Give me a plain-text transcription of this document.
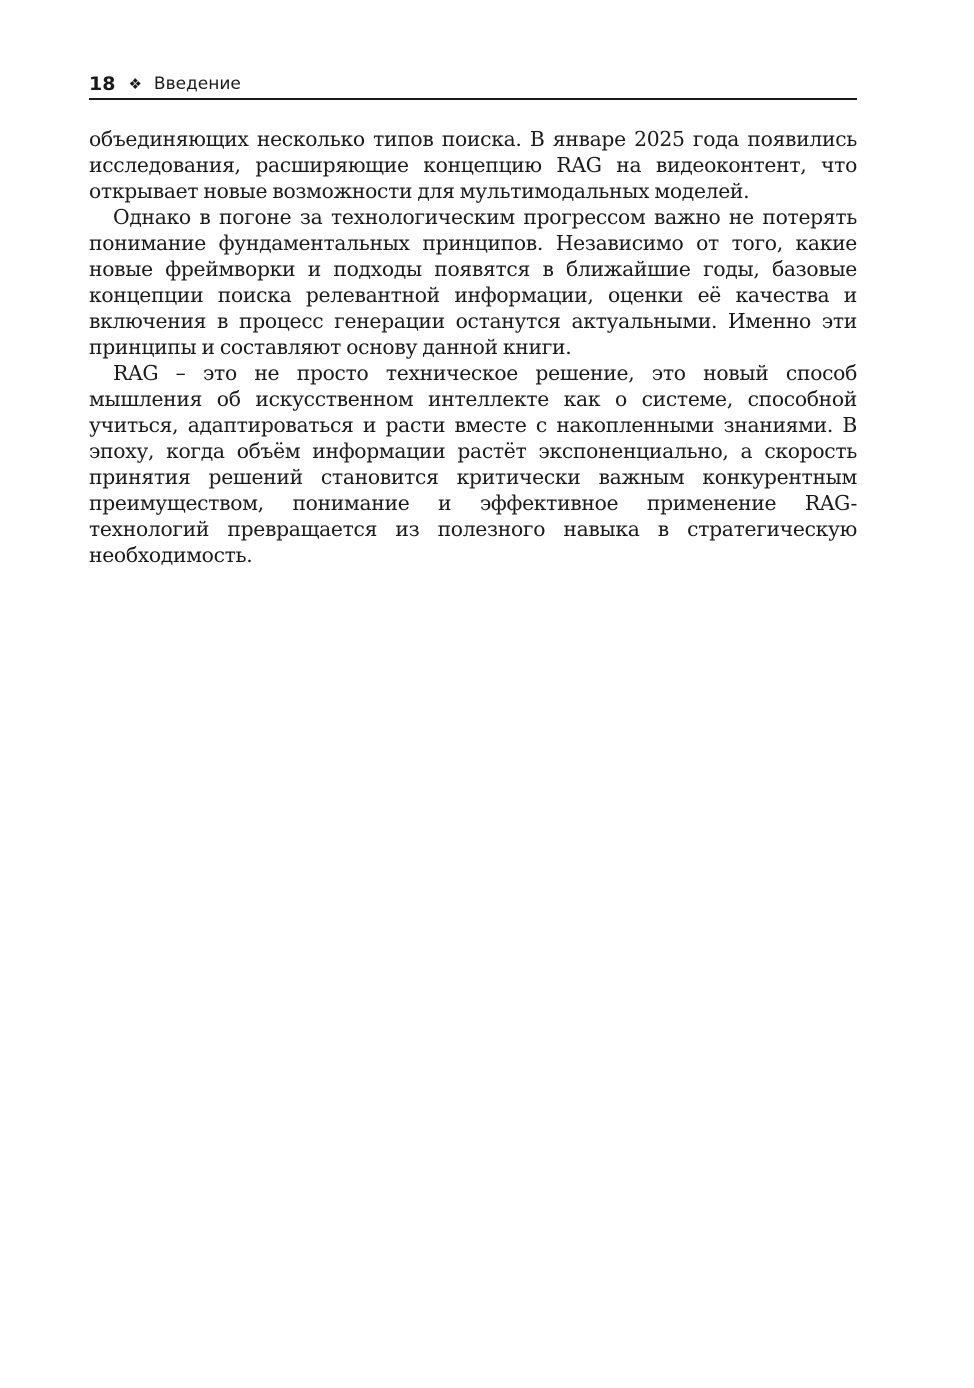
18 ❖ Введение

объединяющих несколько типов поиска. В январе 2025 года появились исследования, расширяющие концепцию RAG на видеоконтент, что открывает новые возможности для мультимодальных моделей.

Однако в погоне за технологическим прогрессом важно не потерять понимание фундаментальных принципов. Независимо от того, какие новые фреймворки и подходы появятся в ближайшие годы, базовые концепции поиска релевантной информации, оценки её качества и включения в процесс генерации останутся актуальными. Именно эти принципы и составляют основу данной книги.

RAG – это не просто техническое решение, это новый способ мышления об искусственном интеллекте как о системе, способной учиться, адаптироваться и расти вместе с накопленными знаниями. В эпоху, когда объём информации растёт экспоненциально, а скорость принятия решений становится критически важным конкурентным преимуществом, понимание и эффективное применение RAG-технологий превращается из полезного навыка в стратегическую необходимость.
